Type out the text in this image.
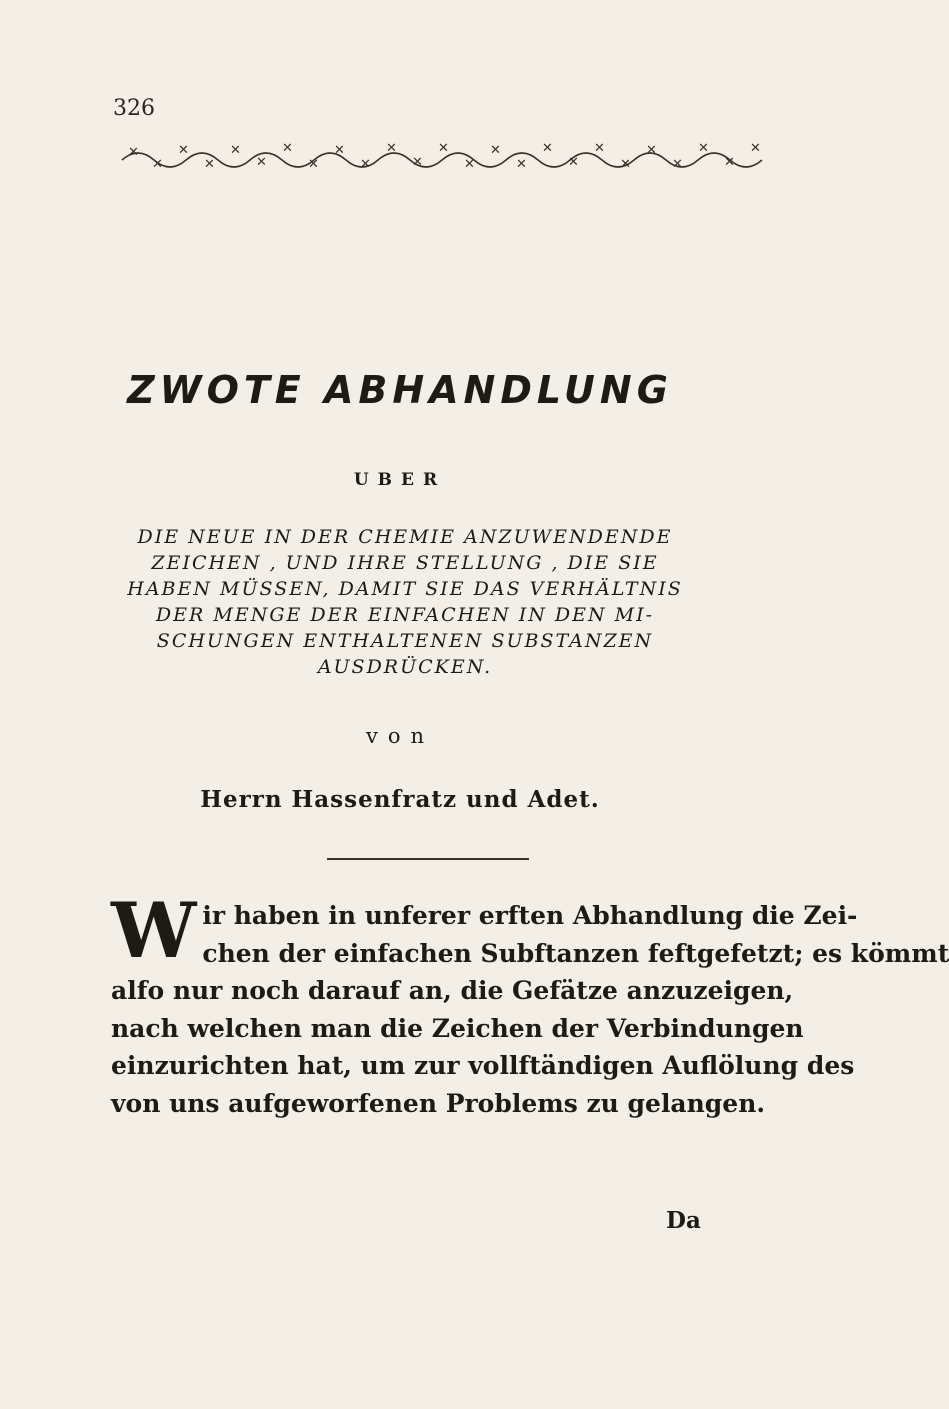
326
✕
✕
✕
✕
✕
✕
✕
✕
✕
✕
✕
✕
✕
✕
✕
✕
✕
✕
✕
✕
✕
✕
✕
✕
✕
ZWOTE ABHANDLUNG
UBER
DIE NEUE IN DER CHEMIE ANZUWENDENDE
ZEICHEN , UND IHRE STELLUNG , DIE SIE
HABEN MÜSSEN, DAMIT SIE DAS VERHÄLTNIS
DER MENGE DER EINFACHEN IN DEN MI-
SCHUNGEN ENTHALTENEN SUBSTANZEN
AUSDRÜCKEN.
von
Herrn Hassenfratz und Adet.
W ir haben in unferer erften Abhandlung die Zei-
chen der einfachen Subftanzen feftgefetzt; es kömmt
alfo nur noch darauf an, die Gefätze anzuzeigen,
nach welchen man die Zeichen der Verbindungen
einzurichten hat, um zur vollftändigen Auflölung des
von uns aufgeworfenen Problems zu gelangen.
Da
